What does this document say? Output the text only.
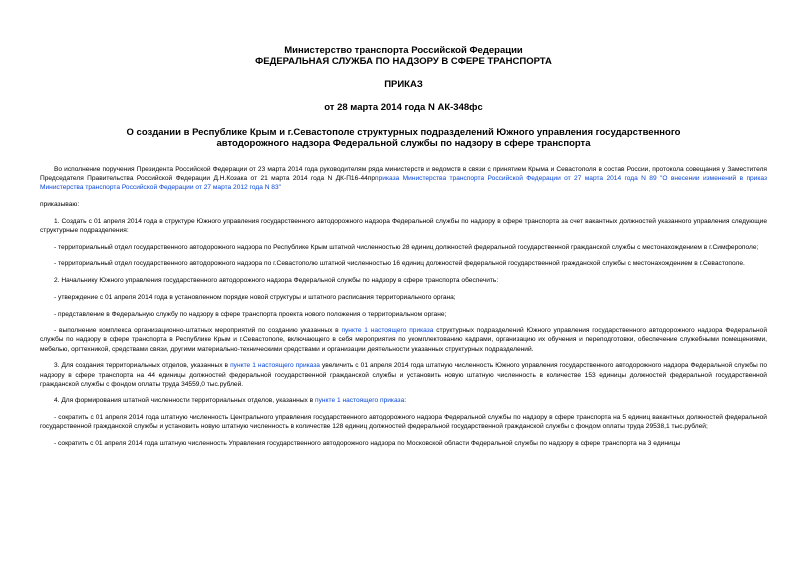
Министерство транспорта Российской Федерации
ФЕДЕРАЛЬНАЯ СЛУЖБА ПО НАДЗОРУ В СФЕРЕ ТРАНСПОРТА
ПРИКАЗ
от 28 марта 2014 года N АК-348фс
О создании в Республике Крым и г.Севастополе структурных подразделений Южного управления государственного автодорожного надзора Федеральной службы по надзору в сфере транспорта

Во исполнение поручения Президента Российской Федерации от 23 марта 2014 года руководителям ряда министерств и ведомств в связи с принятием Крыма и Севастополя в состав России, протокола совещания у Заместителя Председателя Правительства Российской Федерации Д.Н.Козака от 21 марта 2014 года N ДК-П16-44прприказа Министерства транспорта Российской Федерации от 27 марта 2014 года N 89 "О внесении изменений в приказ Министерства транспорта Российской Федерации от 27 марта 2012 года N 83"

приказываю:

1. Создать с 01 апреля 2014 года в структуре Южного управления государственного автодорожного надзора Федеральной службы по надзору в сфере транспорта за счет вакантных должностей указанного управления следующие структурные подразделения:

- территориальный отдел государственного автодорожного надзора по Республике Крым штатной численностью 28 единиц должностей федеральной государственной гражданской службы с местонахождением в г.Симферополе;

- территориальный отдел государственного автодорожного надзора по г.Севастополю штатной численностью 16 единиц должностей федеральной государственной гражданской службы с местонахождением в г.Севастополе.

2. Начальнику Южного управления государственного автодорожного надзора Федеральной службы по надзору в сфере транспорта обеспечить:

- утверждение с 01 апреля 2014 года в установленном порядке новой структуры и штатного расписания территориального органа;

- представление в Федеральную службу по надзору в сфере транспорта проекта нового положения о территориальном органе;

- выполнение комплекса организационно-штатных мероприятий по созданию указанных в пункте 1 настоящего приказа структурных подразделений Южного управления государственного автодорожного надзора Федеральной службы по надзору в сфере транспорта в Республике Крым и г.Севастополе, включающего в себя мероприятия по укомплектованию кадрами, организацию их обучения и переподготовки, обеспечение служебными помещениями, мебелью, оргтехникой, средствами связи, другими материально-техническими средствами и организации деятельности указанных структурных подразделений.

3. Для создания территориальных отделов, указанных в пункте 1 настоящего приказа увеличить с 01 апреля 2014 года штатную численность Южного управления государственного автодорожного надзора Федеральной службы по надзору в сфере транспорта на 44 единицы должностей федеральной государственной гражданской службы и установить новую штатную численность в количестве 153 единицы должностей федеральной государственной гражданской службы с фондом оплаты труда 34559,0 тыс.рублей.

4. Для формирования штатной численности территориальных отделов, указанных в пункте 1 настоящего приказа:

- сократить с 01 апреля 2014 года штатную численность Центрального управления государственного автодорожного надзора Федеральной службы по надзору в сфере транспорта на 5 единиц вакантных должностей федеральной государственной гражданской службы и установить новую штатную численность в количестве 128 единиц должностей федеральной государственной гражданской службы с фондом оплаты труда 29538,1 тыс.рублей;

- сократить с 01 апреля 2014 года штатную численность Управления государственного автодорожного надзора по Московской области Федеральной службы по надзору в сфере транспорта на 3 единицы
